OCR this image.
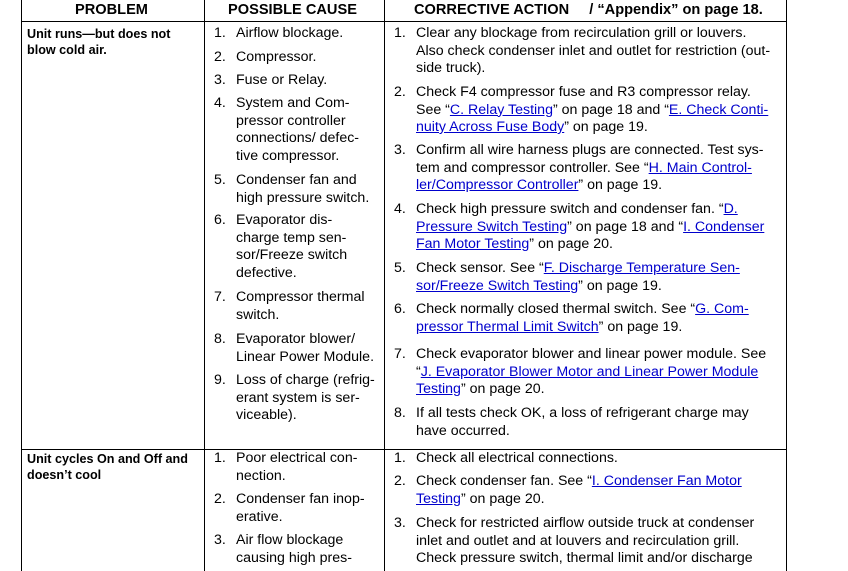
PROBLEM	POSSIBLE CAUSE	CORRECTIVE ACTION / “Appendix” on page 18.
Unit runs—but does not blow cold air.
1. Airflow blockage.
2. Compressor.
3. Fuse or Relay.
4. System and Com-
pressor controller
connections/ defec-
tive compressor.
5. Condenser fan and
high pressure switch.
6. Evaporator dis-
charge temp sen-
sor/Freeze switch
defective.
7. Compressor thermal
switch.
8. Evaporator blower/
Linear Power Module.
9. Loss of charge (refrig-
erant system is ser-
viceable).
1. Clear any blockage from recirculation grill or louvers.
Also check condenser inlet and outlet for restriction (out-
side truck).
2. Check F4 compressor fuse and R3 compressor relay.
See “C. Relay Testing” on page 18 and “E. Check Conti-
nuity Across Fuse Body” on page 19.
3. Confirm all wire harness plugs are connected. Test sys-
tem and compressor controller. See “H. Main Control-
ler/Compressor Controller” on page 19.
4. Check high pressure switch and condenser fan. “D.
Pressure Switch Testing” on page 18 and “I. Condenser
Fan Motor Testing” on page 20.
5. Check sensor. See “F. Discharge Temperature Sen-
sor/Freeze Switch Testing” on page 19.
6. Check normally closed thermal switch. See “G. Com-
pressor Thermal Limit Switch” on page 19.
7. Check evaporator blower and linear power module. See
“J. Evaporator Blower Motor and Linear Power Module
Testing” on page 20.
8. If all tests check OK, a loss of refrigerant charge may
have occurred.
Unit cycles On and Off and doesn’t cool
1. Poor electrical con-
nection.
2. Condenser fan inop-
erative.
3. Air flow blockage
causing high pres-
1. Check all electrical connections.
2. Check condenser fan. See “I. Condenser Fan Motor
Testing” on page 20.
3. Check for restricted airflow outside truck at condenser
inlet and outlet and at louvers and recirculation grill.
Check pressure switch, thermal limit and/or discharge
